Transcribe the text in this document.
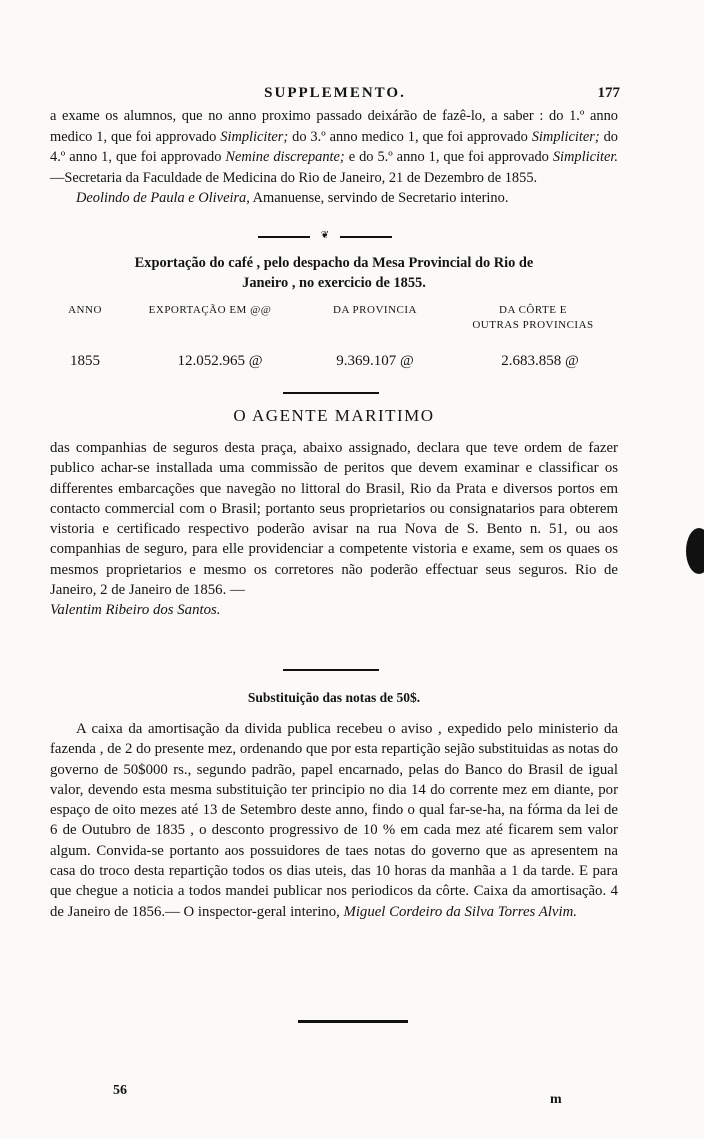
SUPPLEMENTO.	177
a exame os alumnos, que no anno proximo passado deixárão de fazê-lo, a saber : do 1.º anno medico 1, que foi approvado Simpliciter; do 3.º anno medico 1, que foi approvado Simpliciter; do 4.º anno 1, que foi approvado Nemine discrepante; e do 5.º anno 1, que foi approvado Simpliciter. —Secretaria da Faculdade de Medicina do Rio de Janeiro, 21 de Dezembro de 1855.
Deolindo de Paula e Oliveira, Amanuense, servindo de Secretario interino.
❦
Exportação do café , pelo despacho da Mesa Provincial do Rio de
Janeiro , no exercicio de 1855.
ANNO	EXPORTAÇÃO EM @@	DA PROVINCIA	DA CÔRTE E
OUTRAS PROVINCIAS
1855	12.052.965 @	9.369.107 @	2.683.858 @
O AGENTE MARITIMO
das companhias de seguros desta praça, abaixo assignado, declara que teve ordem de fazer publico achar-se installada uma commissão de peritos que devem examinar e classificar os differentes embarcações que navegão no littoral do Brasil, Rio da Prata e diversos portos em contacto commercial com o Brasil; portanto seus proprietarios ou consignatarios para obterem vistoria e certificado respectivo poderão avisar na rua Nova de S. Bento n. 51, ou aos companhias de seguro, para elle providenciar a competente vistoria e exame, sem os quaes os mesmos proprietarios e mesmo os corretores não poderão effectuar seus seguros. Rio de Janeiro, 2 de Janeiro de 1856. —
Valentim Ribeiro dos Santos.
Substituição das notas de 50$.
A caixa da amortisação da divida publica recebeu o aviso , expedido pelo ministerio da fazenda , de 2 do presente mez, ordenando que por esta repartição sejão substituidas as notas do governo de 50$000 rs., segundo padrão, papel encarnado, pelas do Banco do Brasil de igual valor, devendo esta mesma substituição ter principio no dia 14 do corrente mez em diante, por espaço de oito mezes até 13 de Setembro deste anno, findo o qual far-se-ha, na fórma da lei de 6 de Outubro de 1835 , o desconto progressivo de 10 % em cada mez até ficarem sem valor algum. Convida-se portanto aos possuidores de taes notas do governo que as apresentem na casa do troco desta repartição todos os dias uteis, das 10 horas da manhãa a 1 da tarde. E para que chegue a noticia a todos mandei publicar nos periodicos da côrte. Caixa da amortisação. 4 de Janeiro de 1856.— O inspector-geral interino, Miguel Cordeiro da Silva Torres Alvim.
56
m
